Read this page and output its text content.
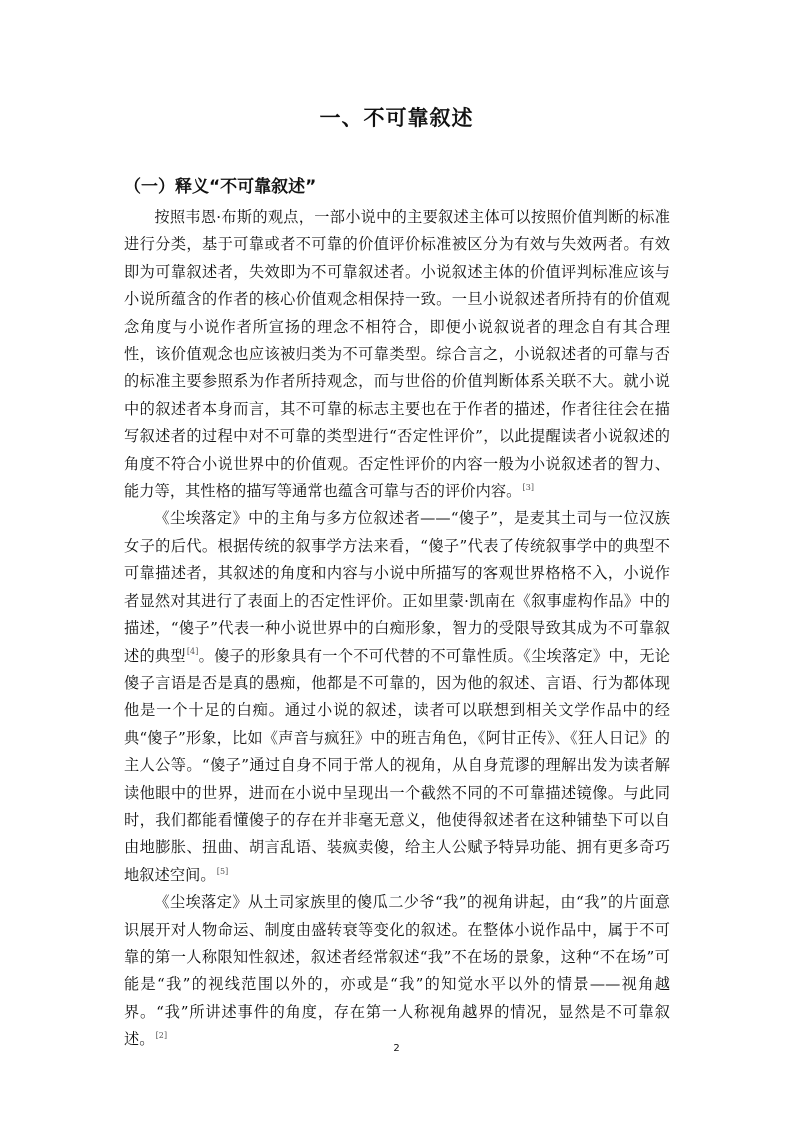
一、不可靠叙述
（一）释义“不可靠叙述”

按照韦恩·布斯的观点，一部小说中的主要叙述主体可以按照价值判断的标准进行分类，基于可靠或者不可靠的价值评价标准被区分为有效与失效两者。有效即为可靠叙述者，失效即为不可靠叙述者。小说叙述主体的价值评判标准应该与小说所蕴含的作者的核心价值观念相保持一致。一旦小说叙述者所持有的价值观念角度与小说作者所宣扬的理念不相符合，即便小说叙说者的理念自有其合理性，该价值观念也应该被归类为不可靠类型。综合言之，小说叙述者的可靠与否的标准主要参照系为作者所持观念，而与世俗的价值判断体系关联不大。就小说中的叙述者本身而言，其不可靠的标志主要也在于作者的描述，作者往往会在描写叙述者的过程中对不可靠的类型进行“否定性评价”，以此提醒读者小说叙述的角度不符合小说世界中的价值观。否定性评价的内容一般为小说叙述者的智力、能力等，其性格的描写等通常也蕴含可靠与否的评价内容。[3]

《尘埃落定》中的主角与多方位叙述者——“傻子”，是麦其土司与一位汉族女子的后代。根据传统的叙事学方法来看，“傻子”代表了传统叙事学中的典型不可靠描述者，其叙述的角度和内容与小说中所描写的客观世界格格不入，小说作者显然对其进行了表面上的否定性评价。正如里蒙·凯南在《叙事虚构作品》中的描述，“傻子”代表一种小说世界中的白痴形象，智力的受限导致其成为不可靠叙述的典型[4]。傻子的形象具有一个不可代替的不可靠性质。《尘埃落定》中，无论傻子言语是否是真的愚痴，他都是不可靠的，因为他的叙述、言语、行为都体现他是一个十足的白痴。通过小说的叙述，读者可以联想到相关文学作品中的经典“傻子”形象，比如《声音与疯狂》中的班吉角色，《阿甘正传》、《狂人日记》的主人公等。“傻子”通过自身不同于常人的视角，从自身荒谬的理解出发为读者解读他眼中的世界，进而在小说中呈现出一个截然不同的不可靠描述镜像。与此同时，我们都能看懂傻子的存在并非毫无意义，他使得叙述者在这种铺垫下可以自由地膨胀、扭曲、胡言乱语、装疯卖傻，给主人公赋予特异功能、拥有更多奇巧地叙述空间。[5]

《尘埃落定》从土司家族里的傻瓜二少爷“我”的视角讲起，由“我”的片面意识展开对人物命运、制度由盛转衰等变化的叙述。在整体小说作品中，属于不可靠的第一人称限知性叙述，叙述者经常叙述“我”不在场的景象，这种“不在场”可能是“我”的视线范围以外的，亦或是“我”的知觉水平以外的情景——视角越界。“我”所讲述事件的角度，存在第一人称视角越界的情况，显然是不可靠叙述。[2]

2
